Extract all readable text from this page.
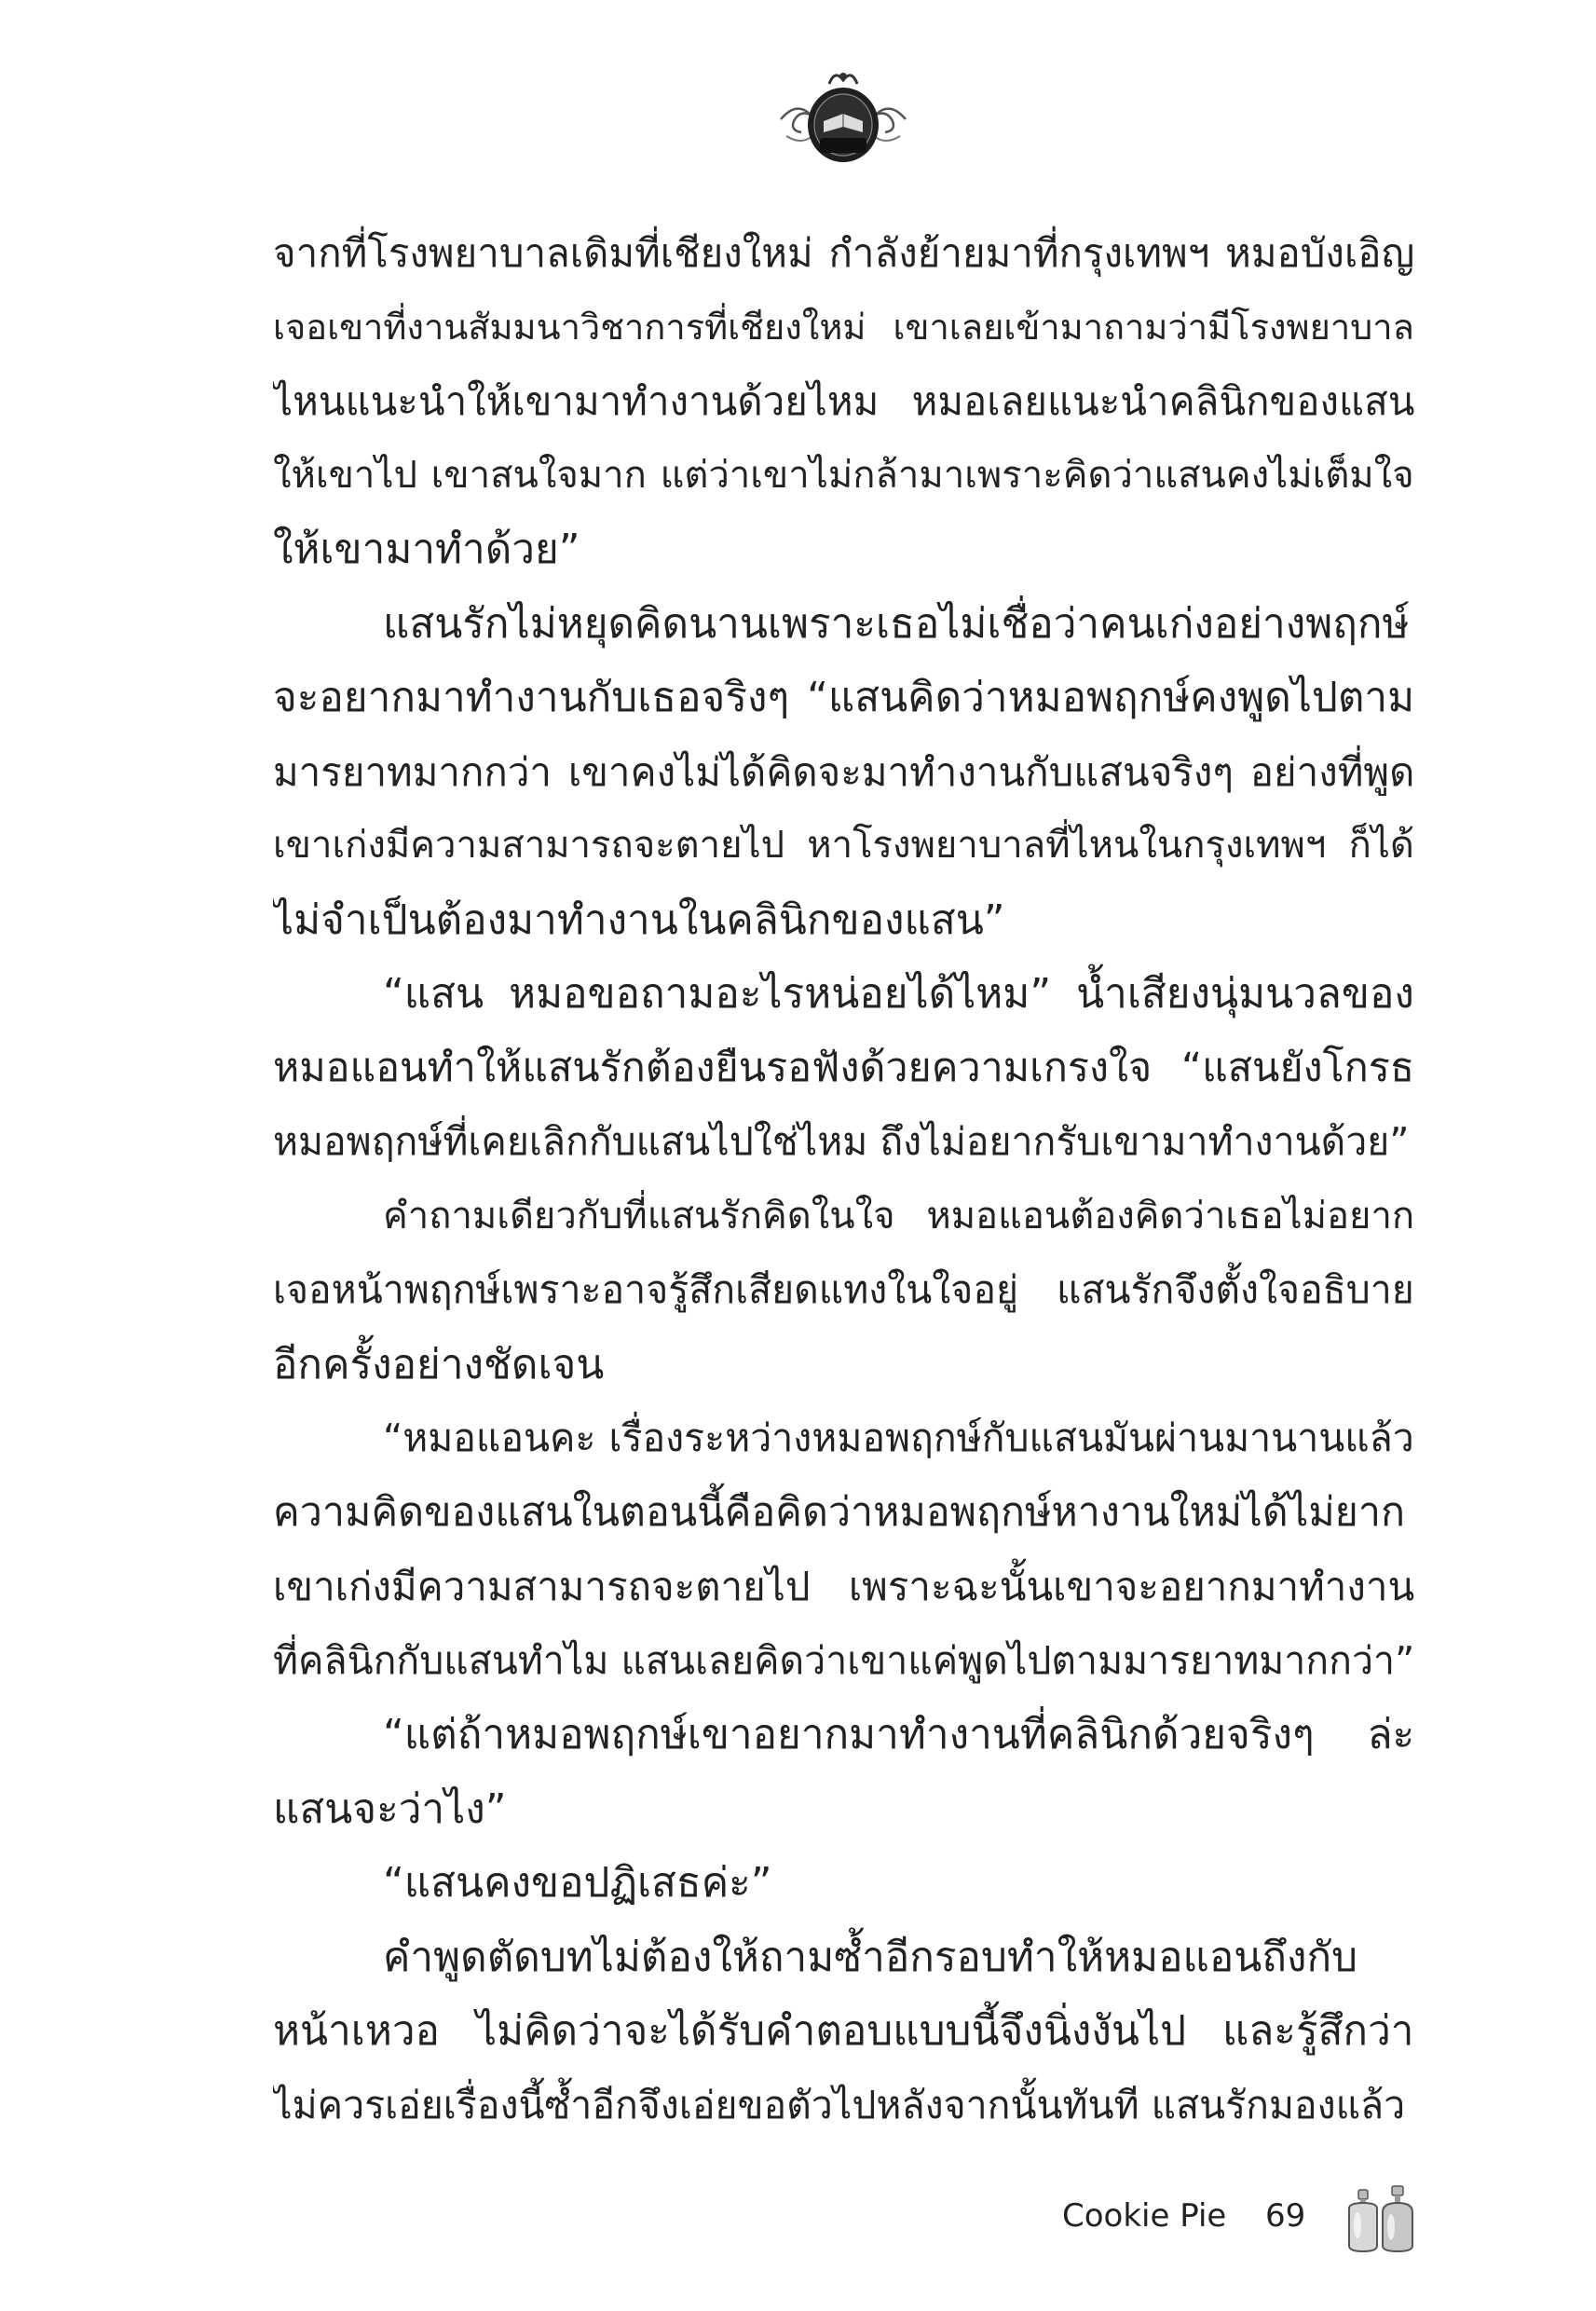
จากที่โรงพยาบาลเดิมที่เชียงใหม่ กำลังย้ายมาที่กรุงเทพฯ หมอบังเอิญ
เจอเขาที่งานสัมมนาวิชาการที่เชียงใหม่ เขาเลยเข้ามาถามว่ามีโรงพยาบาล
ไหนแนะนำให้เขามาทำงานด้วยไหม หมอเลยแนะนำคลินิกของแสน
ให้เขาไป เขาสนใจมาก แต่ว่าเขาไม่กล้ามาเพราะคิดว่าแสนคงไม่เต็มใจ
ให้เขามาทำด้วย”
แสนรักไม่หยุดคิดนานเพราะเธอไม่เชื่อว่าคนเก่งอย่างพฤกษ์
จะอยากมาทำงานกับเธอจริงๆ “แสนคิดว่าหมอพฤกษ์คงพูดไปตาม
มารยาทมากกว่า เขาคงไม่ได้คิดจะมาทำงานกับแสนจริงๆ อย่างที่พูด
เขาเก่งมีความสามารถจะตายไป หาโรงพยาบาลที่ไหนในกรุงเทพฯ ก็ได้
ไม่จำเป็นต้องมาทำงานในคลินิกของแสน”
“แสน หมอขอถามอะไรหน่อยได้ไหม” น้ำเสียงนุ่มนวลของ
หมอแอนทำให้แสนรักต้องยืนรอฟังด้วยความเกรงใจ “แสนยังโกรธ
หมอพฤกษ์ที่เคยเลิกกับแสนไปใช่ไหม ถึงไม่อยากรับเขามาทำงานด้วย”
คำถามเดียวกับที่แสนรักคิดในใจ หมอแอนต้องคิดว่าเธอไม่อยาก
เจอหน้าพฤกษ์เพราะอาจรู้สึกเสียดแทงในใจอยู่ แสนรักจึงตั้งใจอธิบาย
อีกครั้งอย่างชัดเจน
“หมอแอนคะ เรื่องระหว่างหมอพฤกษ์กับแสนมันผ่านมานานแล้ว
ความคิดของแสนในตอนนี้คือคิดว่าหมอพฤกษ์หางานใหม่ได้ไม่ยาก
เขาเก่งมีความสามารถจะตายไป เพราะฉะนั้นเขาจะอยากมาทำงาน
ที่คลินิกกับแสนทำไม แสนเลยคิดว่าเขาแค่พูดไปตามมารยาทมากกว่า”
“แต่ถ้าหมอพฤกษ์เขาอยากมาทำงานที่คลินิกด้วยจริงๆ ล่ะ
แสนจะว่าไง”
“แสนคงขอปฏิเสธค่ะ”
คำพูดตัดบทไม่ต้องให้ถามซ้ำอีกรอบทำให้หมอแอนถึงกับ
หน้าเหวอ ไม่คิดว่าจะได้รับคำตอบแบบนี้จึงนิ่งงันไป และรู้สึกว่า
ไม่ควรเอ่ยเรื่องนี้ซ้ำอีกจึงเอ่ยขอตัวไปหลังจากนั้นทันที แสนรักมองแล้ว
Cookie Pie 69
